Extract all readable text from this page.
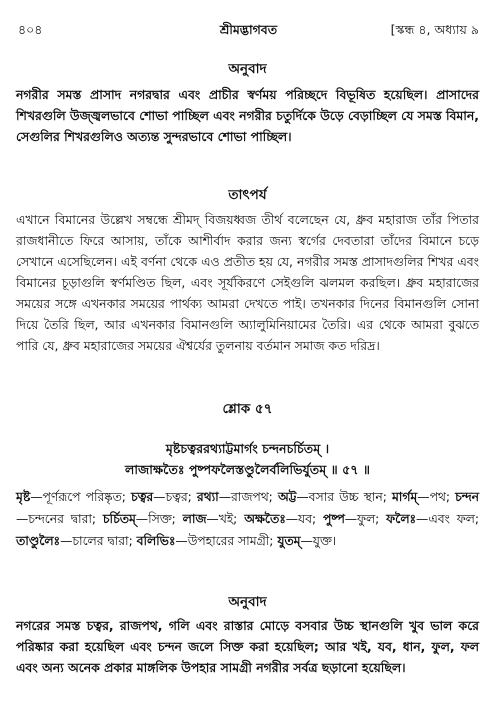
৪০৪	শ্রীমদ্ভাগবত	[স্কন্ধ ৪, অধ্যায় ৯
অনুবাদ

নগরীর সমস্ত প্রাসাদ নগরদ্বার এবং প্রাচীর স্বর্ণময় পরিচ্ছদে বিভূষিত হয়েছিল। প্রাসাদের শিখরগুলি উজ্জ্বলভাবে শোভা পাচ্ছিল এবং নগরীর চতুর্দিকে উড়ে বেড়াচ্ছিল যে সমস্ত বিমান, সেগুলির শিখরগুলিও অত্যন্ত সুন্দরভাবে শোভা পাচ্ছিল।

তাৎপর্য

এখানে বিমানের উল্লেখ সম্বন্ধে শ্রীমদ্ বিজয়ধ্বজ তীর্থ বলেছেন যে, ধ্রুব মহারাজ তাঁর পিতার রাজধানীতে ফিরে আসায়, তাঁকে আশীর্বাদ করার জন্য স্বর্গের দেবতারা তাঁদের বিমানে চড়ে সেখানে এসেছিলেন। এই বর্ণনা থেকে এও প্রতীত হয় যে, নগরীর সমস্ত প্রাসাদগুলির শিখর এবং বিমানের চূড়াগুলি স্বর্ণমণ্ডিত ছিল, এবং সূর্যকিরণে সেইগুলি ঝলমল করছিল। ধ্রুব মহারাজের সময়ের সঙ্গে এখনকার সময়ের পার্থক্য আমরা দেখতে পাই। তখনকার দিনের বিমানগুলি সোনা দিয়ে তৈরি ছিল, আর এখনকার বিমানগুলি অ্যালুমিনিয়ামের তৈরি। এর থেকে আমরা বুঝতে পারি যে, ধ্রুব মহারাজের সময়ের ঐশ্বর্যের তুলনায় বর্তমান সমাজ কত দরিদ্র।

শ্লোক ৫৭

মৃষ্টচত্বররথ্যাট্টমার্গং চন্দনচর্চিতম্ ।

লাজাক্ষতৈঃ পুষ্পফলৈস্তণ্ডুলৈর্বলিভির্যুতম্ ॥ ৫৭ ॥

মৃষ্ট—পূর্ণরূপে পরিষ্কৃত; চত্বর—চত্বর; রথ্যা—রাজপথ; অট্ট—বসার উচ্চ স্থান; মার্গম্—পথ; চন্দন—চন্দনের দ্বারা; চর্চিতম্—সিক্ত; লাজ—খই; অক্ষতৈঃ—যব; পুষ্প—ফুল; ফলৈঃ—এবং ফল; তাণ্ডুলৈঃ—চালের দ্বারা; বলিভিঃ—উপহারের সামগ্রী; যুতম্—যুক্ত।

অনুবাদ

নগরের সমস্ত চত্বর, রাজপথ, গলি এবং রাস্তার মোড়ে বসবার উচ্চ স্থানগুলি খুব ভাল করে পরিষ্কার করা হয়েছিল এবং চন্দন জলে সিক্ত করা হয়েছিল; আর খই, যব, ধান, ফুল, ফল এবং অন্য অনেক প্রকার মাঙ্গলিক উপহার সামগ্রী নগরীর সর্বত্র ছড়ানো হয়েছিল।
